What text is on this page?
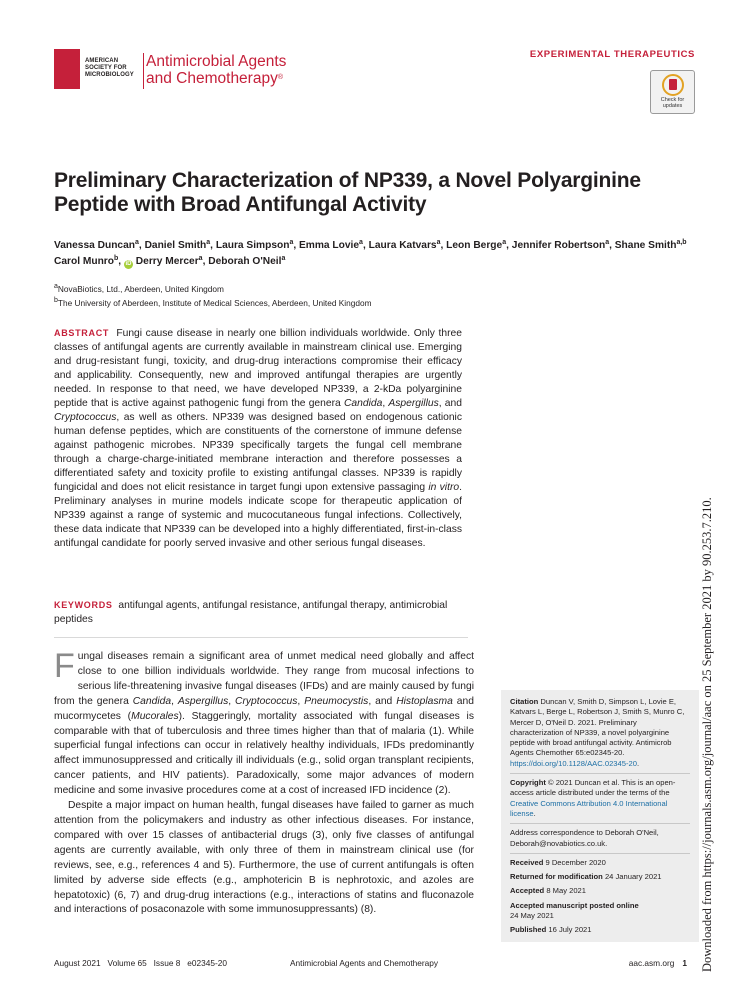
AMERICAN
SOCIETY FOR
MICROBIOLOGY
Antimicrobial Agents
and Chemotherapy®
EXPERIMENTAL THERAPEUTICS
Check for
updates
Preliminary Characterization of NP339, a Novel Polyarginine
Peptide with Broad Antifungal Activity
Vanessa Duncan$^a$, Daniel Smith$^a$, Laura Simpson$^a$, Emma Lovie$^a$, Laura Katvars$^a$, Leon Berge$^a$, Jennifer Robertson$^a$, Shane Smith$^{a,b}$
Carol Munro$^b$, iD Derry Mercer$^a$, Deborah O'Neil$^a$
$^a$NovaBiotics, Ltd., Aberdeen, United Kingdom
$^b$The University of Aberdeen, Institute of Medical Sciences, Aberdeen, United Kingdom
ABSTRACT Fungi cause disease in nearly one billion individuals worldwide. Only three classes of antifungal agents are currently available in mainstream clinical use. Emerging and drug-resistant fungi, toxicity, and drug-drug interactions compromise their efficacy and applicability. Consequently, new and improved antifungal therapies are urgently needed. In response to that need, we have developed NP339, a 2-kDa polyarginine peptide that is active against pathogenic fungi from the genera Candida, Aspergillus, and Cryptococcus, as well as others. NP339 was designed based on endogenous cationic human defense peptides, which are constituents of the cornerstone of immune defense against pathogenic microbes. NP339 specifically targets the fungal cell membrane through a charge-charge-initiated membrane interaction and therefore possesses a differentiated safety and toxicity profile to existing antifungal classes. NP339 is rapidly fungicidal and does not elicit resistance in target fungi upon extensive passaging in vitro. Preliminary analyses in murine models indicate scope for therapeutic application of NP339 against a range of systemic and mucocutaneous fungal infections. Collectively, these data indicate that NP339 can be developed into a highly differentiated, first-in-class antifungal candidate for poorly served invasive and other serious fungal diseases.
KEYWORDS antifungal agents, antifungal resistance, antifungal therapy, antimicrobial peptides

Fungal diseases remain a significant area of unmet medical need globally and affect close to one billion individuals worldwide. They range from mucosal infections to serious life-threatening invasive fungal diseases (IFDs) and are mainly caused by fungi from the genera Candida, Aspergillus, Cryptococcus, Pneumocystis, and Histoplasma and mucormycetes (Mucorales). Staggeringly, mortality associated with fungal diseases is comparable with that of tuberculosis and three times higher than that of malaria (1). While superficial fungal infections can occur in relatively healthy individuals, IFDs predominantly affect immunosuppressed and critically ill individuals (e.g., solid organ transplant recipients, cancer patients, and HIV patients). Paradoxically, some major advances of modern medicine and some invasive procedures come at a cost of increased IFD incidence (2).

Despite a major impact on human health, fungal diseases have failed to garner as much attention from the policymakers and industry as other infectious diseases. For instance, compared with over 15 classes of antibacterial drugs (3), only five classes of antifungal agents are currently available, with only three of them in mainstream clinical use (for reviews, see, e.g., references 4 and 5). Furthermore, the use of current antifungals is often limited by adverse side effects (e.g., amphotericin B is nephrotoxic, and azoles are hepatotoxic) (6, 7) and drug-drug interactions (e.g., interactions of statins and fluconazole and interactions of posaconazole with some immunosuppressants) (8).

Citation Duncan V, Smith D, Simpson L, Lovie E, Katvars L, Berge L, Robertson J, Smith S, Munro C, Mercer D, O'Neil D. 2021. Preliminary characterization of NP339, a novel polyarginine peptide with broad antifungal activity. Antimicrob Agents Chemother 65:e02345-20. https://doi.org/10.1128/AAC.02345-20.

Copyright © 2021 Duncan et al. This is an open-access article distributed under the terms of the Creative Commons Attribution 4.0 International license.

Address correspondence to Deborah O'Neil, Deborah@novabiotics.co.uk.

Received 9 December 2020

Returned for modification 24 January 2021

Accepted 8 May 2021

Accepted manuscript posted online
24 May 2021

Published 16 July 2021

August 2021   Volume 65   Issue 8   e02345-20	Antimicrobial Agents and Chemotherapy	aac.asm.org 1 Downloaded from https://journals.asm.org/journal/aac on 25 September 2021 by 90.253.7.210.
